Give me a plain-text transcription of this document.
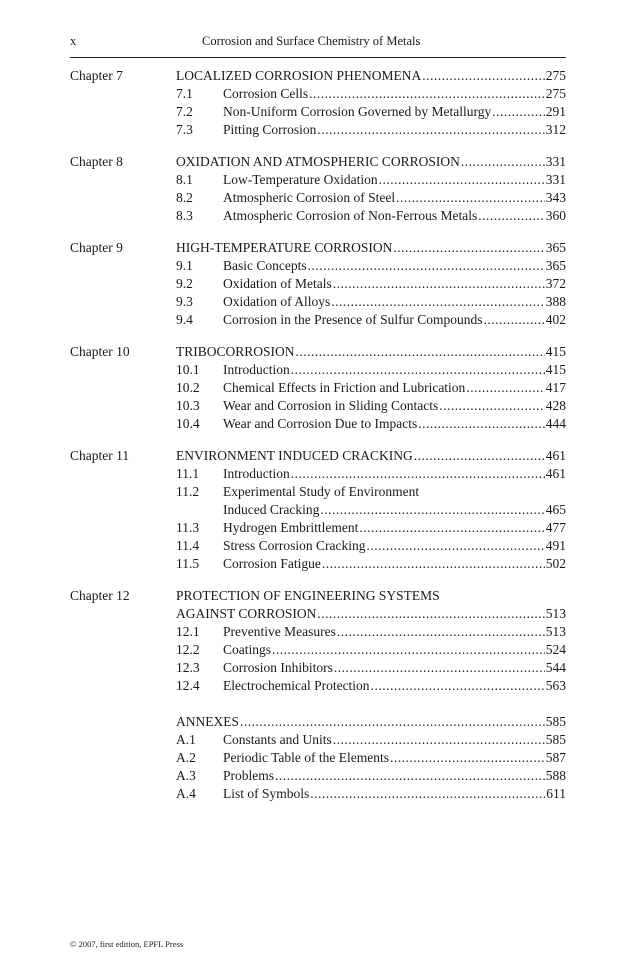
x	Corrosion and Surface Chemistry of Metals
Chapter 7	LOCALIZED CORROSION PHENOMENA .....	275
7.1	Corrosion Cells .....	275
7.2	Non-Uniform Corrosion Governed by Metallurgy .....	291
7.3	Pitting Corrosion .....	312
Chapter 8	OXIDATION AND ATMOSPHERIC CORROSION .....	331
8.1	Low-Temperature Oxidation .....	331
8.2	Atmospheric Corrosion of Steel .....	343
8.3	Atmospheric Corrosion of Non-Ferrous Metals .....	360
Chapter 9	HIGH-TEMPERATURE CORROSION .....	365
9.1	Basic Concepts .....	365
9.2	Oxidation of Metals .....	372
9.3	Oxidation of Alloys .....	388
9.4	Corrosion in the Presence of Sulfur Compounds .....	402
Chapter 10	TRIBOCORROSION .....	415
10.1	Introduction .....	415
10.2	Chemical Effects in Friction and Lubrication .....	417
10.3	Wear and Corrosion in Sliding Contacts .....	428
10.4	Wear and Corrosion Due to Impacts .....	444
Chapter 11	ENVIRONMENT INDUCED CRACKING .....	461
11.1	Introduction .....	461
11.2	Experimental Study of Environment
Induced Cracking .....	465
11.3	Hydrogen Embrittlement .....	477
11.4	Stress Corrosion Cracking .....	491
11.5	Corrosion Fatigue .....	502
Chapter 12	PROTECTION OF ENGINEERING SYSTEMS
AGAINST CORROSION .....	513
12.1	Preventive Measures .....	513
12.2	Coatings .....	524
12.3	Corrosion Inhibitors .....	544
12.4	Electrochemical Protection .....	563
ANNEXES .....	585
A.1	Constants and Units .....	585
A.2	Periodic Table of the Elements .....	587
A.3	Problems .....	588
A.4	List of Symbols .....	611
© 2007, first edition, EPFL Press
